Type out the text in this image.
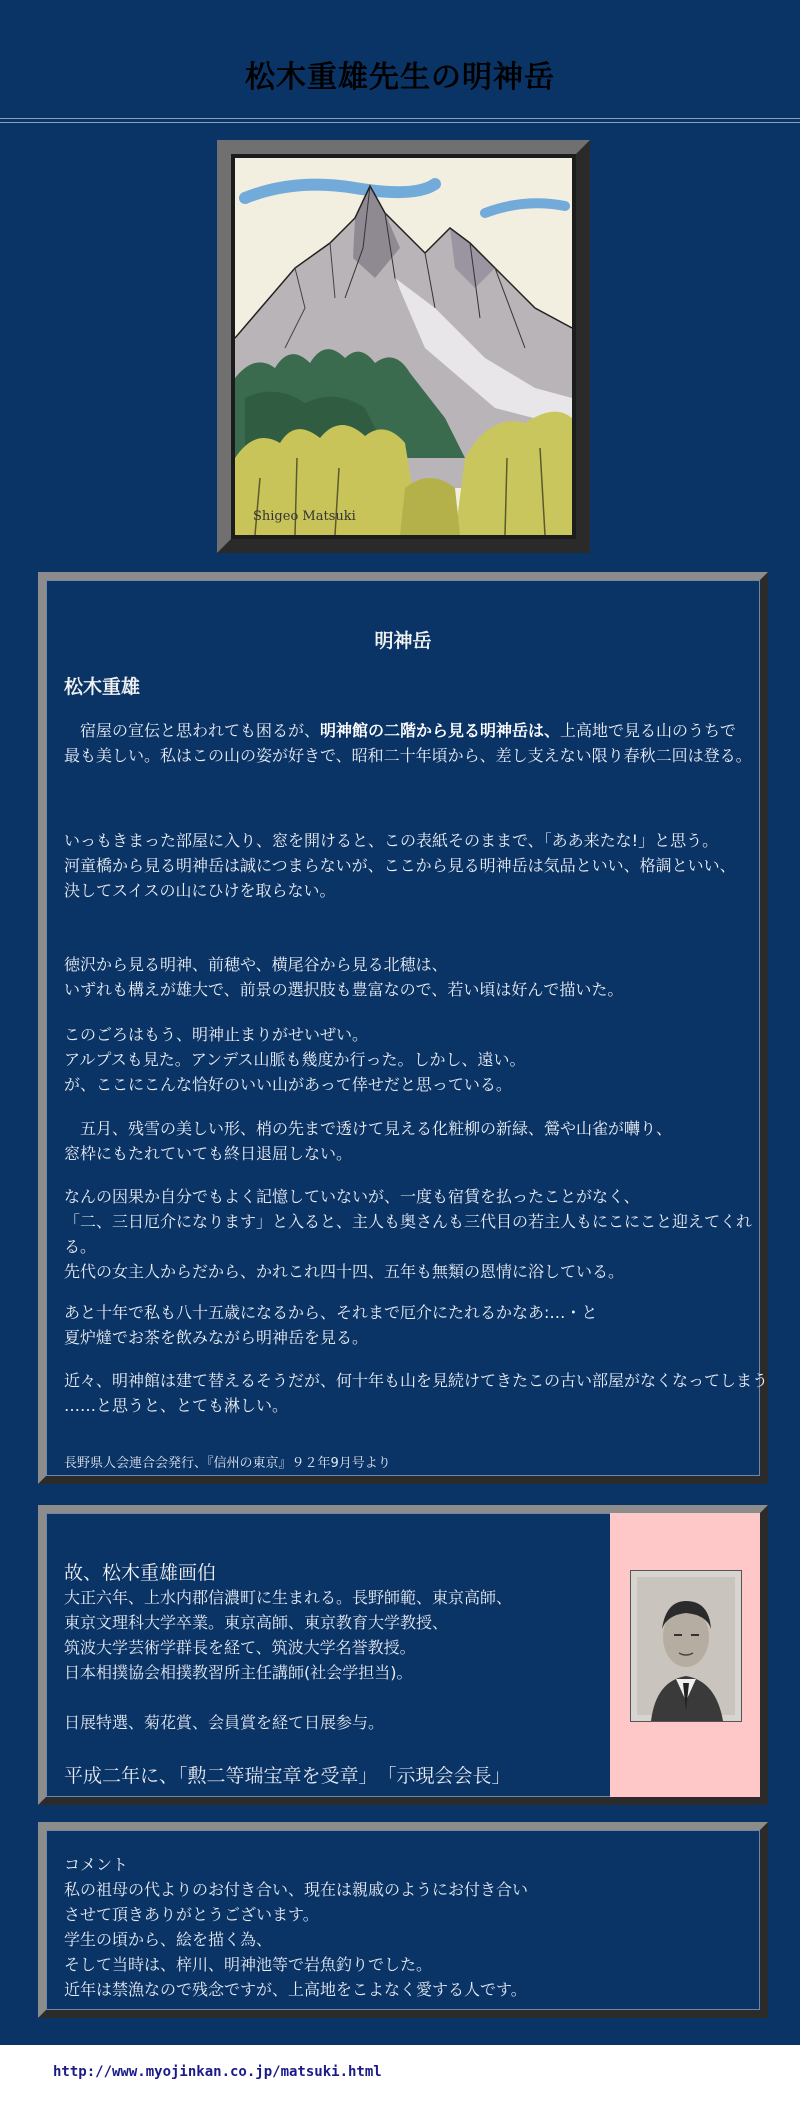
松木重雄先生の明神岳
Shigeo Matsuki
明神岳
松木重雄
　宿屋の宣伝と思われても困るが、明神館の二階から見る明神岳は、上高地で見る山のうちで
最も美しい。私はこの山の姿が好きで、昭和二十年頃から、差し支えない限り春秋二回は登る。
いっもきまった部屋に入り、窓を開けると、この表紙そのままで、「ああ来たな!」と思う。
河童橋から見る明神岳は誠につまらないが、ここから見る明神岳は気品といい、格調といい、
決してスイスの山にひけを取らない。
徳沢から見る明神、前穂や、横尾谷から見る北穂は、
いずれも構えが雄大で、前景の選択肢も豊富なので、若い頃は好んで描いた。
このごろはもう、明神止まりがせいぜい。
アルプスも見た。アンデス山脈も幾度か行った。しかし、遠い。
が、ここにこんな恰好のいい山があって倖せだと思っている。
　五月、残雪の美しい形、梢の先まで透けて見える化粧柳の新緑、鶯や山雀が囀り、
窓枠にもたれていても終日退屈しない。
なんの因果か自分でもよく記憶していないが、一度も宿賃を払ったことがなく、
「二、三日厄介になります」と入ると、主人も奥さんも三代目の若主人もにこにこと迎えてくれる。
先代の女主人からだから、かれこれ四十四、五年も無類の恩情に浴している。
あと十年で私も八十五歳になるから、それまで厄介にたれるかなあ:…・と
夏炉燵でお茶を飲みながら明神岳を見る。
近々、明神館は建て替えるそうだが、何十年も山を見続けてきたこの古い部屋がなくなってしまう
……と思うと、とても淋しい。
長野県人会連合会発行、『信州の東京』９２年9月号より
故、松木重雄画伯
大正六年、上水内郡信濃町に生まれる。長野師範、東京高師、
東京文理科大学卒業。東京高師、東京教育大学教授、
筑波大学芸術学群長を経て、筑波大学名誉教授。
日本相撲協会相撲教習所主任講師(社会学担当)。
日展特選、菊花賞、会員賞を経て日展参与。
平成二年に、「勲二等瑞宝章を受章」　「示現会会長」
コメント
私の祖母の代よりのお付き合い、現在は親戚のようにお付き合い
させて頂きありがとうございます。
学生の頃から、絵を描く為、
そして当時は、梓川、明神池等で岩魚釣りでした。
近年は禁漁なので残念ですが、上高地をこよなく愛する人です。
http://www.myojinkan.co.jp/matsuki.html
